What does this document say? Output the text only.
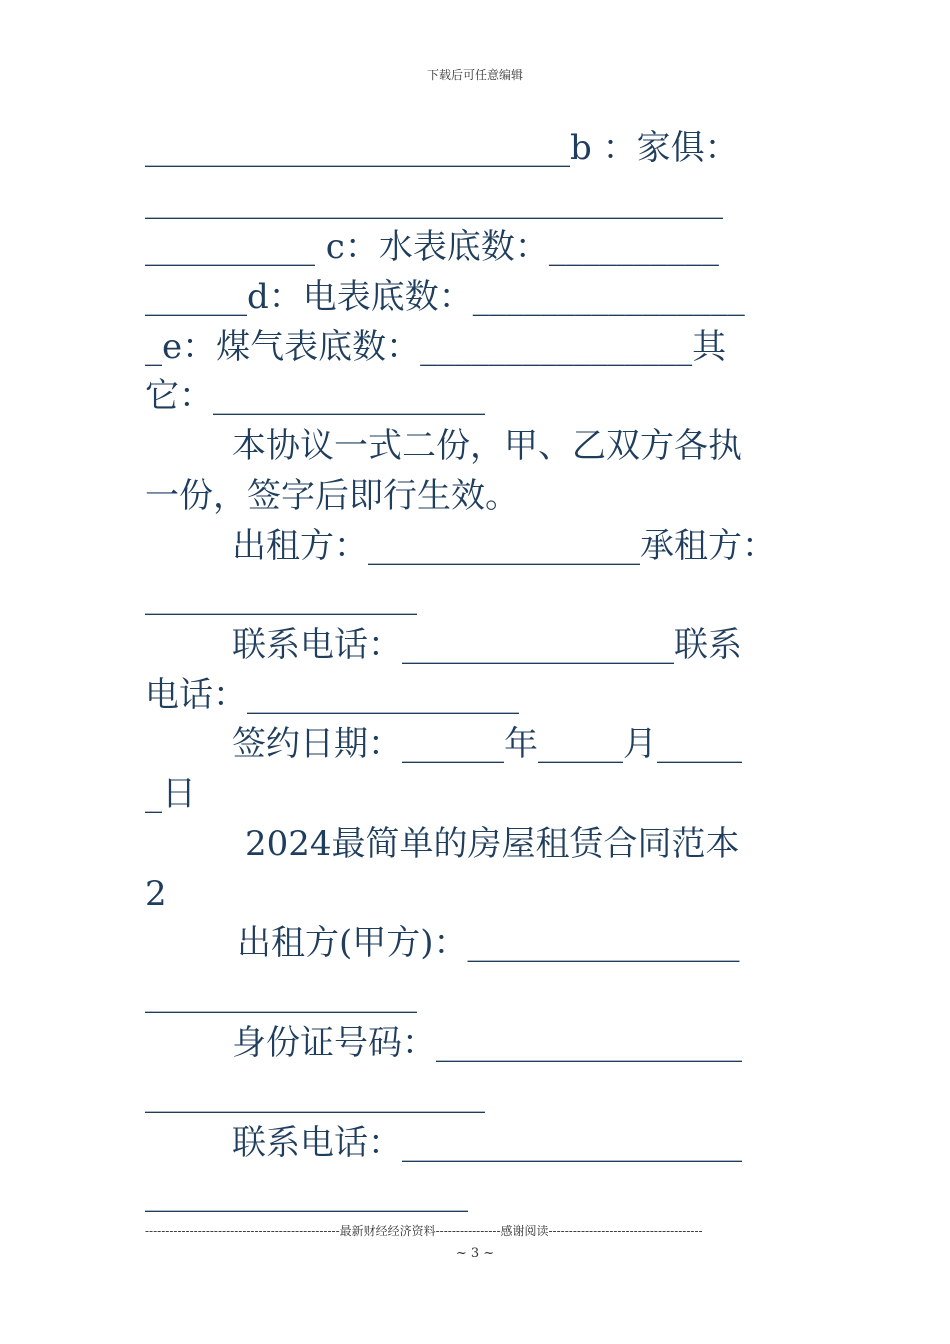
下载后可任意编辑
_________________________b ：家俱：
__________________________________
__________ c：水表底数：__________
______d：电表底数：________________
_e：煤气表底数：________________其
它：________________
本协议一式二份，甲、乙双方各执
一份，签字后即行生效。
出租方：________________承租方：
________________
联系电话：________________联系
电话：________________
签约日期：______年_____月_____
_日
2024最简单的房屋租赁合同范本
2
出租方(甲方)：________________
________________
身份证号码：__________________
____________________
联系电话：____________________
___________________
------------------------------------------------最新财经经济资料----------------感谢阅读--------------------------------------
~ 3 ~
